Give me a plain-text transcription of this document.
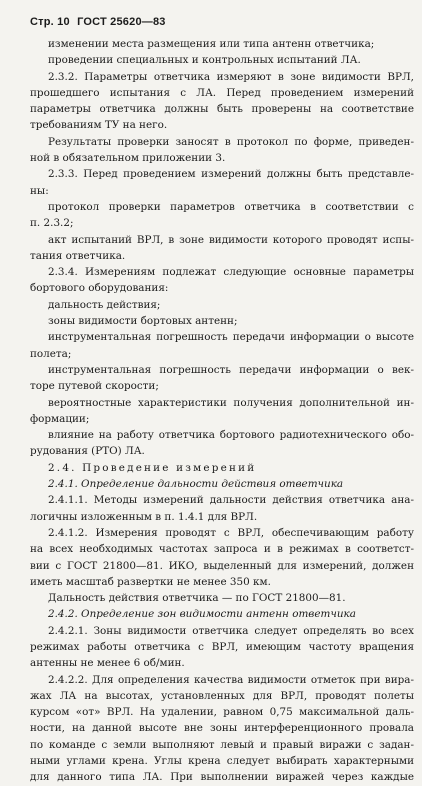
Стр. 10 ГОСТ 25620—83
изменении места размещения или типа антенн ответчика;
проведении специальных и контрольных испытаний ЛА.
2.3.2. Параметры ответчика измеряют в зоне видимости ВРЛ,
прошедшего испытания с ЛА. Перед проведением измерений
параметры ответчика должны быть проверены на соответствие
требованиям ТУ на него.
Результаты проверки заносят в протокол по форме, приведен-
ной в обязательном приложении 3.
2.3.3. Перед проведением измерений должны быть представле-
ны:
протокол проверки параметров ответчика в соответствии с
п. 2.3.2;
акт испытаний ВРЛ, в зоне видимости которого проводят испы-
тания ответчика.
2.3.4. Измерениям подлежат следующие основные параметры
бортового оборудования:
дальность действия;
зоны видимости бортовых антенн;
инструментальная погрешность передачи информации о высоте
полета;
инструментальная погрешность передачи информации о век-
торе путевой скорости;
вероятностные характеристики получения дополнительной ин-
формации;
влияние на работу ответчика бортового радиотехнического обо-
рудования (РТО) ЛА.
2.4. Проведение измерений
2.4.1. Определение дальности действия ответчика
2.4.1.1. Методы измерений дальности действия ответчика ана-
логичны изложенным в п. 1.4.1 для ВРЛ.
2.4.1.2. Измерения проводят с ВРЛ, обеспечивающим работу
на всех необходимых частотах запроса и в режимах в соответст-
вии с ГОСТ 21800—81. ИКО, выделенный для измерений, должен
иметь масштаб развертки не менее 350 км.
Дальность действия ответчика — по ГОСТ 21800—81.
2.4.2. Определение зон видимости антенн ответчика
2.4.2.1. Зоны видимости ответчика следует определять во всех
режимах работы ответчика с ВРЛ, имеющим частоту вращения
антенны не менее 6 об/мин.
2.4.2.2. Для определения качества видимости отметок при вира-
жах ЛА на высотах, установленных для ВРЛ, проводят полеты
курсом «от» ВРЛ. На удалении, равном 0,75 максимальной даль-
ности, на данной высоте вне зоны интерференционного провала
по команде с земли выполняют левый и правый виражи с задан-
ными углами крена. Углы крена следует выбирать характерными
для данного типа ЛА. При выполнении виражей через каждые
